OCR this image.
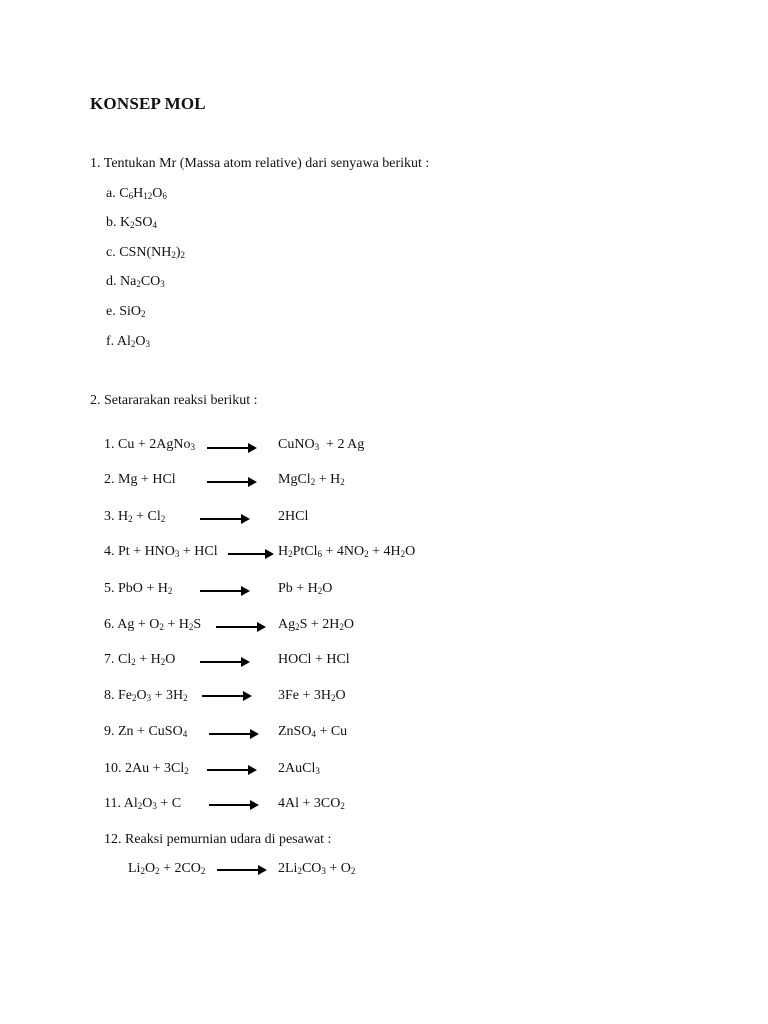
KONSEP MOL
1. Tentukan Mr (Massa atom relative) dari senyawa berikut :
a. $C_6H_{12}O_6$
b. $K_2SO_4$
c. $CSN(NH_2)_2$
d. $Na_2CO_3$
e. SiO$_2$
f. $Al_2O_3$
2. Setararakan reaksi berikut :
1. Cu + 2AgNo$_3$ → CuNO$_3$  + 2 Ag
2. Mg + HCl → MgCl$_2$ + $H_2$
3. $H_2 + Cl_2$	2HCl
4. $Pt + HNO_3$ + HCl → $H_2PtCl_6 + 4NO_2 + 4H_2O$
5. PbO + $H_2$	$Pb + H_2O$
6. $Ag + O_2 + H_2S \to Ag_2S + 2H_2O$
7. $Cl_2 + H_2O$	HOCl + HCl
8. $Fe_2O_3 + 3H_2 \to 3Fe + 3H_2O$
9. Zn + CuSO$_4$ → ZnSO$_4$ + Cu
10. $2Au + 3Cl_2$ → 2AuCl$_3$
11. $Al_2O_3 + C \to 4Al + 3CO_2$
12. Reaksi pemurnian udara di pesawat :
$Li_2O_2 + 2CO_2 \to 2Li_2CO_3 + O_2$
